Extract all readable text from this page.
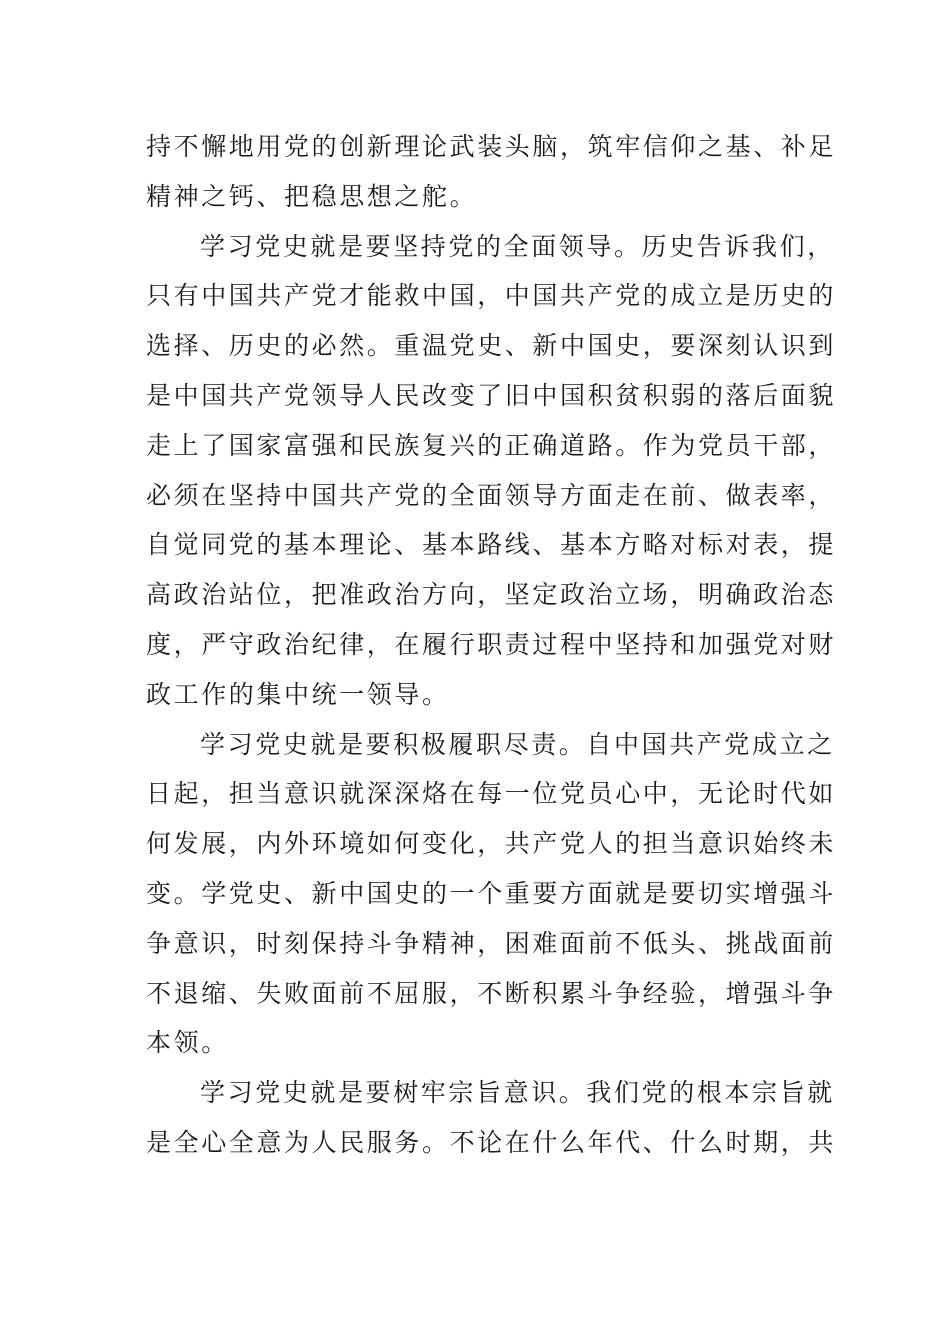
持不懈地用党的创新理论武装头脑，筑牢信仰之基、补足
精神之钙、把稳思想之舵。
学习党史就是要坚持党的全面领导。历史告诉我们，
只有中国共产党才能救中国，中国共产党的成立是历史的
选择、历史的必然。重温党史、新中国史，要深刻认识到
是中国共产党领导人民改变了旧中国积贫积弱的落后面貌
走上了国家富强和民族复兴的正确道路。作为党员干部，
必须在坚持中国共产党的全面领导方面走在前、做表率，
自觉同党的基本理论、基本路线、基本方略对标对表，提
高政治站位，把准政治方向，坚定政治立场，明确政治态
度，严守政治纪律，在履行职责过程中坚持和加强党对财
政工作的集中统一领导。
学习党史就是要积极履职尽责。自中国共产党成立之
日起，担当意识就深深烙在每一位党员心中，无论时代如
何发展，内外环境如何变化，共产党人的担当意识始终未
变。学党史、新中国史的一个重要方面就是要切实增强斗
争意识，时刻保持斗争精神，困难面前不低头、挑战面前
不退缩、失败面前不屈服，不断积累斗争经验，增强斗争
本领。
学习党史就是要树牢宗旨意识。我们党的根本宗旨就
是全心全意为人民服务。不论在什么年代、什么时期，共
